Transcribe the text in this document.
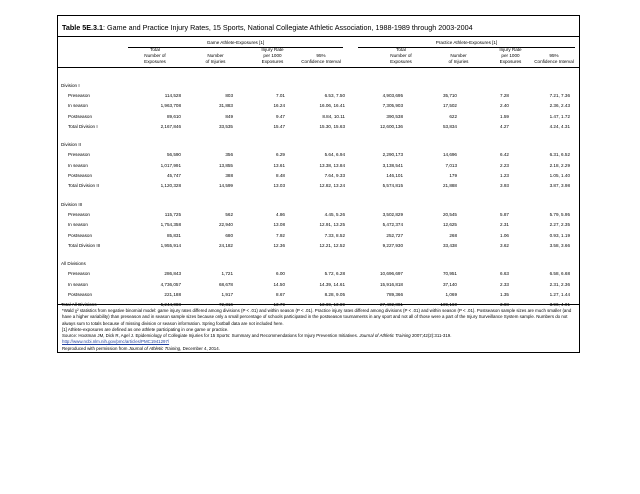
Table 5E.3.1: Game and Practice Injury Rates, 15 Sports, National Collegiate Athletic Association, 1988-1989 through 2003-2004
Game Athlete-Exposures [1]	Practice Athlete-Exposures [1]
Total
Number of
Exposures
Number
of Injuries
Injury Rate
per 1000
Exposures
95%
Confidence Interval
Total
Number of
Exposures
Number
of Injuries
Injury Rate
per 1000
Exposures
95%
Confidence Interval
Division I								
Preseason	114,528	803	7.01	6.53, 7.50	4,903,695	35,710	7.28	7.21, 7.36
In season	1,963,708	31,883	16.24	16.06, 16.41	7,305,903	17,502	2.40	2.36, 2.43
Postseason	89,610	849	9.47	8.84, 10.11	390,538	622	1.59	1.47, 1.72
Total Division I	2,167,846	33,535	15.47	15.30, 15.63	12,600,136	53,834	4.27	4.24, 4.31

Division II								
Preseason	56,590	356	6.29	5.64, 6.94	2,290,173	14,696	6.42	6.31, 6.52
In season	1,017,991	13,855	13.61	13.38, 13.84	3,138,541	7,013	2.23	2.18, 2.29
Postseason	45,747	388	8.48	7.64, 9.33	146,101	179	1.23	1.05, 1.40
Total Division II	1,120,328	14,599	13.03	12.82, 13.24	5,574,815	21,888	3.93	3.87, 3.98

Division III								
Preseason	115,725	562	4.86	4.45, 5.26	3,502,829	20,545	5.87	5.79, 5.95
In season	1,754,358	22,940	13.08	12.91, 13.25	5,472,374	12,625	2.31	2.27, 2.35
Postseason	85,831	680	7.92	7.33, 8.52	252,727	268	1.06	0.93, 1.19
Total Division III	1,955,914	24,182	12.36	12.21, 12.52	9,227,930	33,438	3.62	3.58, 3.66

All Divisions								
Preseason	286,843	1,721	6.00	5.72, 6.28	10,696,697	70,951	6.63	6.58, 6.68
In season	4,736,057	68,678	14.50	14.39, 14.61	15,916,818	37,140	2.33	2.31, 2.36
Postseason	221,188	1,917	8.67	8.28, 9.05	789,366	1,069	1.35	1.27, 1.44
Total All Divisions	5,244,088	72,316	13.79	13.69, 13.89	27,402,881	109,160	3.98	3.96, 4.01

*Wald χ² statistics from negative binomial model: game injury rates differed among divisions (P < .01) and within season (P < .01). Practice injury rates differed among divisions (P < .01) and within season (P < .01). Postseason sample sizes are much smaller (and have a higher variability) than preseason and in season sample sizes because only a small percentage of schools participated in the postseason tournaments in any sport and not all of those were a part of the Injury Surveillance System sample. Numbers do not always sum to totals because of missing division or season information. Spring football data are not included here.

[1] Athlete-exposures are defined as one athlete participating in one game or practice.

Source: Hootman JM, Dick R, Agel J. Epidemiology of Collegiate Injuries for 15 Sports: Summary and Recommendations for Injury Prevention Initiatives. Journal of Athletic Training 2007;42(2):311-319.

http://www.ncbi.nlm.nih.gov/pmc/articles/PMC1941297/

Reproduced with permission from Journal of Athletic Training, December 4, 2014.
